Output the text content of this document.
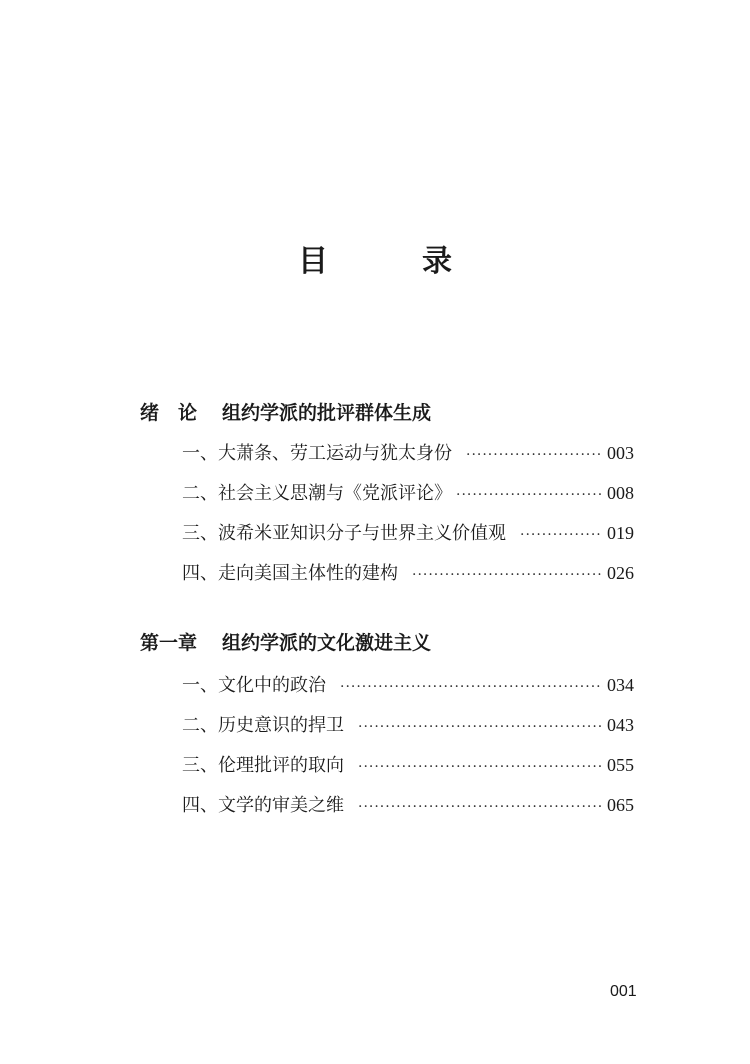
目　录
绪论 组约学派的批评群体生成
一、大萧条、劳工运动与犹太身份 ·····	003
二、社会主义思潮与《党派评论》 ·····	008
三、波希米亚知识分子与世界主义价值观 ·····	019
四、走向美国主体性的建构 ·····	026
第一章 组约学派的文化激进主义
一、文化中的政治 ·····	034
二、历史意识的捍卫 ·····	043
三、伦理批评的取向 ·····	055
四、文学的审美之维 ·····	065
001
